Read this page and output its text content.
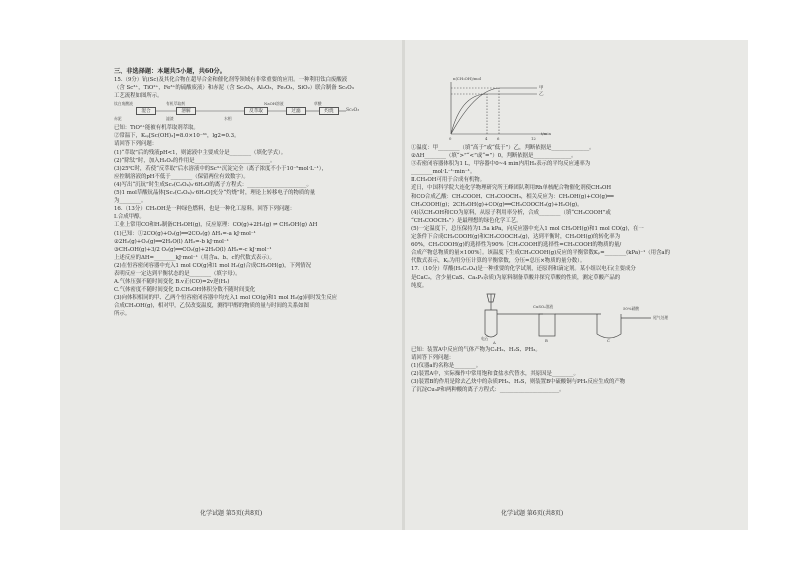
三、非选择题：本题共5小题，共60分。
15.（9分）钪(Sc)及其化合物在超导合金和催化剂等领域有非常重要的应用。一种利用钛白废酸液
（含 Sc³⁺，TiO²⁺，Fe³⁺的硫酸废液）和赤泥（含 Sc₂O₃，Al₂O₃，Fe₂O₃，SiO₂）联合制备 Sc₂O₃
工艺流程如图所示。
钛白废酸液
赤泥
有机萃取剂
滤渣	水相
NaOH溶液	草酸
混合	溶解	反萃取	过滤	灼烧	Sc₂O₃
已知：TiO²⁺能被有机萃取剂萃取。
②常温下，Kₛₚ[Sc(OH)₃]=8.0×10⁻³¹，lg2=0.3。
请回答下列问题：
(1)“萃取”后的残液pH<1，则滤液中主要成分是________（填化学式）。
(2)“除钛”时，加入H₂O₂的作用是____________________________。
(3)25℃时，若使“反萃取”后水溶液中的Sc³⁺沉淀完全（离子浓度不小于10⁻⁵mol·L⁻¹），
应控制溶液的pH不低于________（保留两位有效数字）。
(4)写出“沉钪”时生成Sc₂(C₂O₄)₃·6H₂O的离子方程式：______________________。
(5)1 mol草酸钪晶体[Sc₂(C₂O₄)₃·6H₂O]充分“灼烧”时，理论上转移电子的物质的量
为________。
16.（13分）CH₃OH是一种绿色燃料，也是一种化工原料。回答下列问题：
Ⅰ.合成甲醇。
工业上常用CO和H₂制备CH₃OH(g)，反应原理：CO(g)+2H₂(g) ⇌ CH₃OH(g) ΔH
(1)已知：①2CO(g)+O₂(g)══2CO₂(g) ΔH₁=-a kJ·mol⁻¹
②2H₂(g)+O₂(g)══2H₂O(l) ΔH₂=-b kJ·mol⁻¹
③CH₃OH(g)+3/2 O₂(g)══CO₂(g)+2H₂O(l) ΔH₃=-c kJ·mol⁻¹
上述反应的ΔH=________kJ·mol⁻¹（用含a、b、c的代数式表示）。
(2)在恒容密闭容器中充入1 mol CO(g)和1 mol H₂(g)合成CH₃OH(g)，下列情况
表明反应一定达到平衡状态的是________（填字母）。
A.气体压强不随时间变化 B.v正(CO)=2v逆(H₂)
C.气体密度不随时间变化 D.CH₃OH体积分数不随时间变化
(3)向体积相同的甲、乙两个恒容密闭容器中均充入1 mol CO(g)和1 mol H₂(g)同时发生反应
合成CH₃OH(g)，相对甲，乙仅改变温度，测得甲醇的物质的量与时间的关系如图
所示。
化学试题 第5页(共8页)
n(CH₃OH)/mol
甲
乙
0	4	6	12
t/min
①温度：甲________（填“高于”或“低于”）乙，判断依据是______________。
②ΔH________（填“>”“<”或“=”）0，判断依据是______________。
③若密闭容器体积为1 L，甲容器中0~4 min内用H₂表示的平均反应速率为
________mol·L⁻¹·min⁻¹。
Ⅱ.CH₃OH可用于合成有机物。
近日，中国科学院大连化学物理研究所王峰团队利用Rh单核配合物催化剂使CH₃OH
和CO合成乙酸：CH₃COOH、CH₃COOCH₃，相关反应为：CH₃OH(g)+CO(g)══
CH₃COOH(g)；2CH₃OH(g)+CO(g)══CH₃COOCH₃(g)+H₂O(g)。
(4)以CH₃OH和CO为原料，从原子利用率分析，合成________（填“CH₃COOH”或
“CH₃COOCH₃”）是最理想的绿色化学工艺。
(5)一定温度下，总压保持为1.5a kPa，向反应器中充入1 mol CH₃OH(g)和1 mol CO(g)，在一
定条件下合成CH₃COOH(g)和CH₃COOCH₃(g)，达到平衡时，CH₃OH(g)的转化率为
60%，CH₃COOH(g)的选择性为90%［CH₃COOH的选择性=CH₃COOH的物质的量/
合成产物总物质的量×100%］。该温度下生成CH₃COOH(g)反应的平衡常数Kₚ=________(kPa)⁻¹（用含a的
代数式表示，Kₚ为用分压计算的平衡常数，分压=总压×物质的量分数）。
17.（10分）草酸(H₂C₂O₄)是一种重要的化学试剂，还原剂和滴定剂。某小组以电石(主要成分
是CaC₂，含少量CaS、Ca₃P₂杂质)为原料制备草酸并探究草酸的性质，测定草酸产品的
纯度。
电石
CuSO₄溶液	50%硝酸
尾气处理
A	B	C
已知：装置A中反应的气体产物为C₂H₂、H₂S、PH₃。
请回答下列问题：
(1)仪器a的名称是________。
(2)装置A中，实际操作中常用饱和食盐水代替水，其原因是________。
(3)装置B的作用是除去乙炔中的杂质PH₃、H₂S，则装置B中硫酸铜与PH₃反应生成的产物
了沉淀Cu₃P和两种酸的离子方程式：______________________。
化学试题 第6页(共8页)
